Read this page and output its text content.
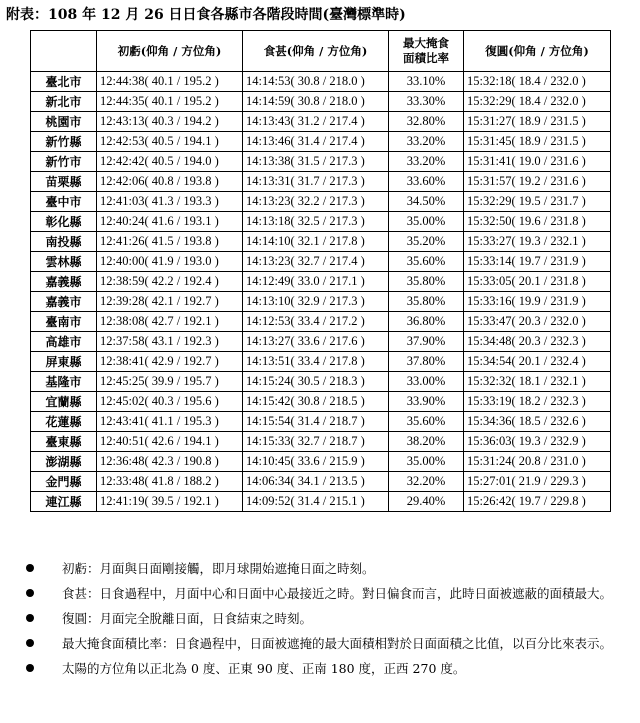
附表：108 年 12 月 26 日日食各縣市各階段時間(臺灣標準時)
	初虧(仰角 / 方位角)	食甚(仰角 / 方位角)	最大掩食
面積比率	復圓(仰角 / 方位角)
臺北市	12:44:38( 40.1 / 195.2 )	14:14:53( 30.8 / 218.0 )	33.10%	15:32:18( 18.4 / 232.0 )
新北市	12:44:35( 40.1 / 195.2 )	14:14:59( 30.8 / 218.0 )	33.30%	15:32:29( 18.4 / 232.0 )
桃園市	12:43:13( 40.3 / 194.2 )	14:13:43( 31.2 / 217.4 )	32.80%	15:31:27( 18.9 / 231.5 )
新竹縣	12:42:53( 40.5 / 194.1 )	14:13:46( 31.4 / 217.4 )	33.20%	15:31:45( 18.9 / 231.5 )
新竹市	12:42:42( 40.5 / 194.0 )	14:13:38( 31.5 / 217.3 )	33.20%	15:31:41( 19.0 / 231.6 )
苗栗縣	12:42:06( 40.8 / 193.8 )	14:13:31( 31.7 / 217.3 )	33.60%	15:31:57( 19.2 / 231.6 )
臺中市	12:41:03( 41.3 / 193.3 )	14:13:23( 32.2 / 217.3 )	34.50%	15:32:29( 19.5 / 231.7 )
彰化縣	12:40:24( 41.6 / 193.1 )	14:13:18( 32.5 / 217.3 )	35.00%	15:32:50( 19.6 / 231.8 )
南投縣	12:41:26( 41.5 / 193.8 )	14:14:10( 32.1 / 217.8 )	35.20%	15:33:27( 19.3 / 232.1 )
雲林縣	12:40:00( 41.9 / 193.0 )	14:13:23( 32.7 / 217.4 )	35.60%	15:33:14( 19.7 / 231.9 )
嘉義縣	12:38:59( 42.2 / 192.4 )	14:12:49( 33.0 / 217.1 )	35.80%	15:33:05( 20.1 / 231.8 )
嘉義市	12:39:28( 42.1 / 192.7 )	14:13:10( 32.9 / 217.3 )	35.80%	15:33:16( 19.9 / 231.9 )
臺南市	12:38:08( 42.7 / 192.1 )	14:12:53( 33.4 / 217.2 )	36.80%	15:33:47( 20.3 / 232.0 )
高雄市	12:37:58( 43.1 / 192.3 )	14:13:27( 33.6 / 217.6 )	37.90%	15:34:48( 20.3 / 232.3 )
屏東縣	12:38:41( 42.9 / 192.7 )	14:13:51( 33.4 / 217.8 )	37.80%	15:34:54( 20.1 / 232.4 )
基隆市	12:45:25( 39.9 / 195.7 )	14:15:24( 30.5 / 218.3 )	33.00%	15:32:32( 18.1 / 232.1 )
宜蘭縣	12:45:02( 40.3 / 195.6 )	14:15:42( 30.8 / 218.5 )	33.90%	15:33:19( 18.2 / 232.3 )
花蓮縣	12:43:41( 41.1 / 195.3 )	14:15:54( 31.4 / 218.7 )	35.60%	15:34:36( 18.5 / 232.6 )
臺東縣	12:40:51( 42.6 / 194.1 )	14:15:33( 32.7 / 218.7 )	38.20%	15:36:03( 19.3 / 232.9 )
澎湖縣	12:36:48( 42.3 / 190.8 )	14:10:45( 33.6 / 215.9 )	35.00%	15:31:24( 20.8 / 231.0 )
金門縣	12:33:48( 41.8 / 188.2 )	14:06:34( 34.1 / 213.5 )	32.20%	15:27:01( 21.9 / 229.3 )
連江縣	12:41:19( 39.5 / 192.1 )	14:09:52( 31.4 / 215.1 )	29.40%	15:26:42( 19.7 / 229.8 )
初虧：月面與日面剛接觸，即月球開始遮掩日面之時刻。
食甚：日食過程中，月面中心和日面中心最接近之時。對日偏食而言，此時日面被遮蔽的面積最大。
復圓：月面完全脫離日面，日食結束之時刻。
最大掩食面積比率：日食過程中，日面被遮掩的最大面積相對於日面面積之比值，以百分比來表示。
太陽的方位角以正北為 0 度、正東 90 度、正南 180 度，正西 270 度。
